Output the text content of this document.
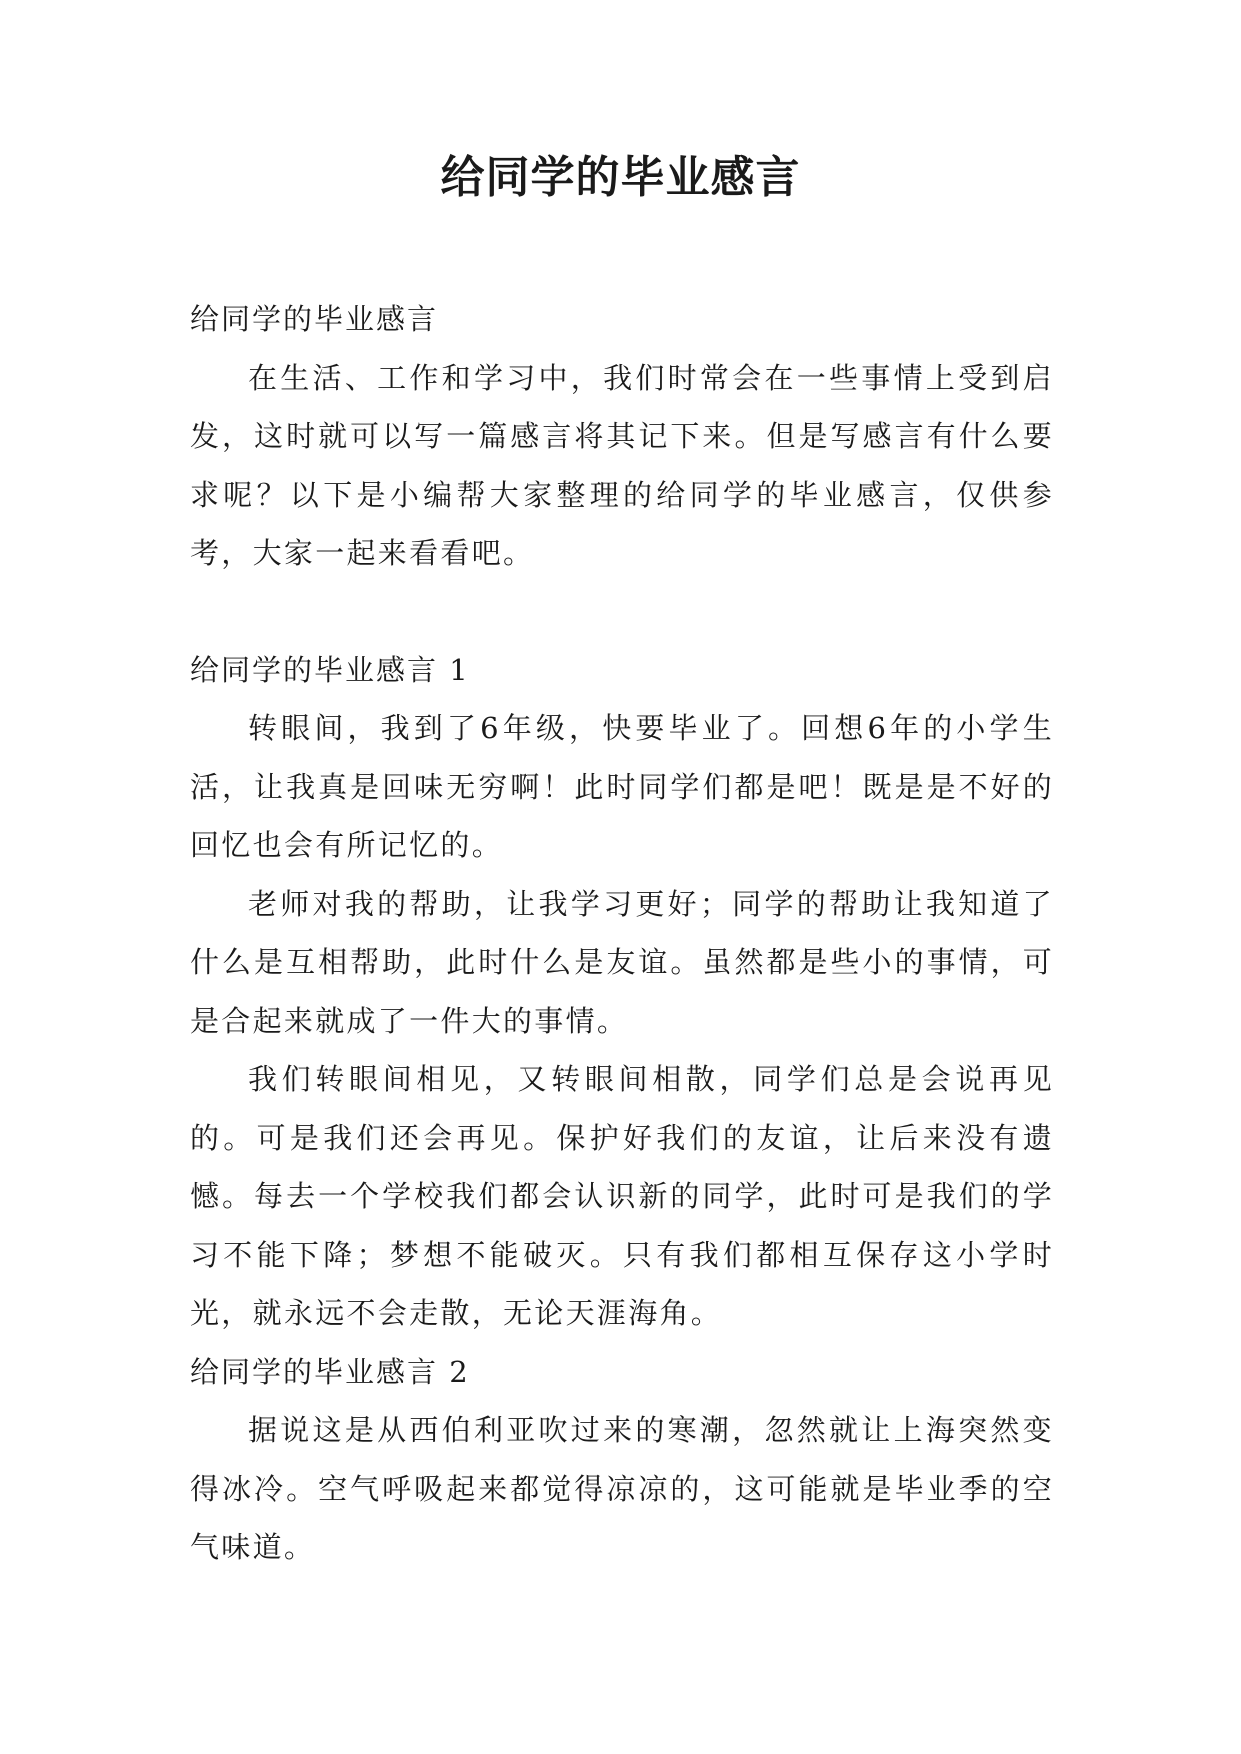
给同学的毕业感言

给同学的毕业感言

在生活、工作和学习中，我们时常会在一些事情上受到启发，这时就可以写一篇感言将其记下来。但是写感言有什么要求呢？以下是小编帮大家整理的给同学的毕业感言，仅供参考，大家一起来看看吧。

给同学的毕业感言 1

转眼间，我到了6年级，快要毕业了。回想6年的小学生活，让我真是回味无穷啊！此时同学们都是吧！既是是不好的回忆也会有所记忆的。

老师对我的帮助，让我学习更好；同学的帮助让我知道了什么是互相帮助，此时什么是友谊。虽然都是些小的事情，可是合起来就成了一件大的事情。

我们转眼间相见，又转眼间相散，同学们总是会说再见的。可是我们还会再见。保护好我们的友谊，让后来没有遗憾。每去一个学校我们都会认识新的同学，此时可是我们的学习不能下降；梦想不能破灭。只有我们都相互保存这小学时光，就永远不会走散，无论天涯海角。

给同学的毕业感言 2

据说这是从西伯利亚吹过来的寒潮，忽然就让上海突然变得冰冷。空气呼吸起来都觉得凉凉的，这可能就是毕业季的空气味道。
